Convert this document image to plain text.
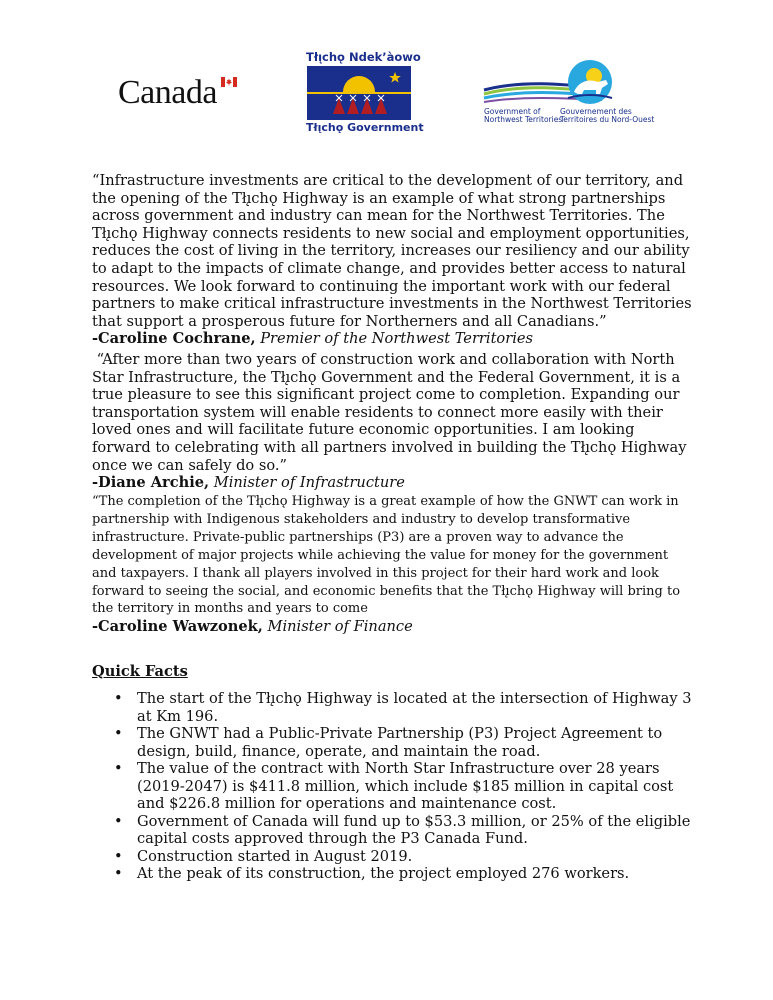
Canada
Tłı̨chǫ Ndek’àowo
Tłı̨chǫ Government
Government of
Northwest Territories
Gouvernement des
Territoires du Nord-Ouest

“Infrastructure investments are critical to the development of our territory, and the opening of the Tłı̨chǫ Highway is an example of what strong partnerships across government and industry can mean for the Northwest Territories. The Tłı̨chǫ Highway connects residents to new social and employment opportunities, reduces the cost of living in the territory, increases our resiliency and our ability to adapt to the impacts of climate change, and provides better access to natural resources. We look forward to continuing the important work with our federal partners to make critical infrastructure investments in the Northwest Territories that support a prosperous future for Northerners and all Canadians.”

-Caroline Cochrane, Premier of the Northwest Territories

“After more than two years of construction work and collaboration with North Star Infrastructure, the Tłı̨chǫ Government and the Federal Government, it is a true pleasure to see this significant project come to completion. Expanding our transportation system will enable residents to connect more easily with their loved ones and will facilitate future economic opportunities. I am looking forward to celebrating with all partners involved in building the Tłı̨chǫ Highway once we can safely do so.”

-Diane Archie, Minister of Infrastructure

“The completion of the Tłı̨chǫ Highway is a great example of how the GNWT can work in partnership with Indigenous stakeholders and industry to develop transformative infrastructure. Private-public partnerships (P3) are a proven way to advance the development of major projects while achieving the value for money for the government and taxpayers. I thank all players involved in this project for their hard work and look forward to seeing the social, and economic benefits that the Tłı̨chǫ Highway will bring to the territory in months and years to come

-Caroline Wawzonek, Minister of Finance
Quick Facts
• The start of the Tłı̨chǫ Highway is located at the intersection of Highway 3 at Km 196.
• The GNWT had a Public-Private Partnership (P3) Project Agreement to design, build, finance, operate, and maintain the road.
• The value of the contract with North Star Infrastructure over 28 years (2019-2047) is $411.8 million, which include $185 million in capital cost and $226.8 million for operations and maintenance cost.
• Government of Canada will fund up to $53.3 million, or 25% of the eligible capital costs approved through the P3 Canada Fund.
• Construction started in August 2019.
• At the peak of its construction, the project employed 276 workers.
